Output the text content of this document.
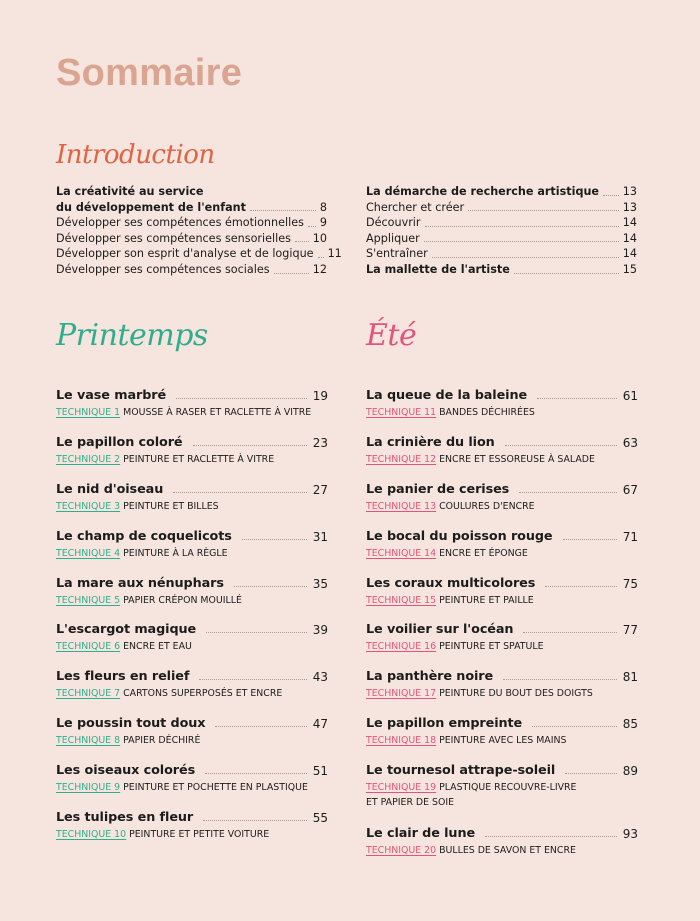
Sommaire
Introduction
La créativité au service
du développement de l'enfant	8
Développer ses compétences émotionnelles 9
Développer ses compétences sensorielles 10
Développer son esprit d'analyse et de logique 11
Développer ses compétences sociales	12
La démarche de recherche artistique 13
Chercher et créer	13
Découvrir	14
Appliquer	14
S'entraîner	14
La mallette de l'artiste	15
Printemps	Été
Le vase marbré	19
TECHNIQUE 1 MOUSSE À RASER ET RACLETTE À VITRE
Le papillon coloré	23
TECHNIQUE 2 PEINTURE ET RACLETTE À VITRE
Le nid d'oiseau	27
TECHNIQUE 3 PEINTURE ET BILLES
Le champ de coquelicots	31
TECHNIQUE 4 PEINTURE À LA RÈGLE
La mare aux nénuphars	35
TECHNIQUE 5 PAPIER CRÉPON MOUILLÉ
L'escargot magique	39
TECHNIQUE 6 ENCRE ET EAU
Les fleurs en relief	43
TECHNIQUE 7 CARTONS SUPERPOSÉS ET ENCRE
Le poussin tout doux	47
TECHNIQUE 8 PAPIER DÉCHIRÉ
Les oiseaux colorés	51
TECHNIQUE 9 PEINTURE ET POCHETTE EN PLASTIQUE
Les tulipes en fleur	55
TECHNIQUE 10 PEINTURE ET PETITE VOITURE
La queue de la baleine	61
TECHNIQUE 11 BANDES DÉCHIRÉES
La crinière du lion	63
TECHNIQUE 12 ENCRE ET ESSOREUSE À SALADE
Le panier de cerises	67
TECHNIQUE 13 COULURES D'ENCRE
Le bocal du poisson rouge	71
TECHNIQUE 14 ENCRE ET ÉPONGE
Les coraux multicolores	75
TECHNIQUE 15 PEINTURE ET PAILLE
Le voilier sur l'océan	77
TECHNIQUE 16 PEINTURE ET SPATULE
La panthère noire	81
TECHNIQUE 17 PEINTURE DU BOUT DES DOIGTS
Le papillon empreinte	85
TECHNIQUE 18 PEINTURE AVEC LES MAINS
Le tournesol attrape-soleil	89
TECHNIQUE 19 PLASTIQUE RECOUVRE-LIVRE
ET PAPIER DE SOIE
Le clair de lune	93
TECHNIQUE 20 BULLES DE SAVON ET ENCRE
